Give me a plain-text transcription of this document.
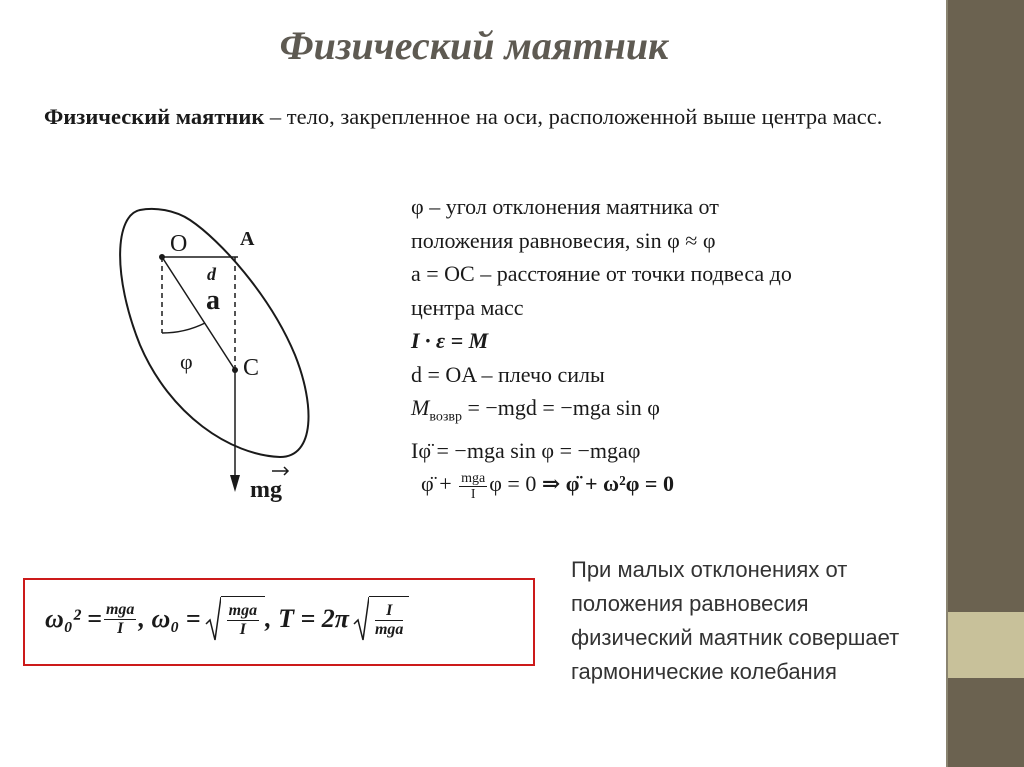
Физический маятник
Физический маятник – тело, закрепленное на оси, расположенной выше центра масс.
O	A
d
a
φ C
mg
φ – угол отклонения маятника от
положения равновесия, sin φ ≈ φ
a = OC – расстояние от точки подвеса до
центра масс
I · ε = M
d = OA – плечо силы
$M_{возвр} = -mgd = -mga$ sin φ
Iφ̈ = −mga sin φ = −mgaφ
φ̈ + $\frac{\text{mga}}{I}$ φ = 0 ⇒ φ̈ + ω²φ = 0
$\omega_0^2 = \frac{\text{mga}}{I}$ , $\omega_0 = \frac{\text{mga}}{I}$ , $T = 2\pi \frac{I}{\text{mga}}$
При малых отклонениях от положения равновесия физический маятник совершает гармонические колебания
